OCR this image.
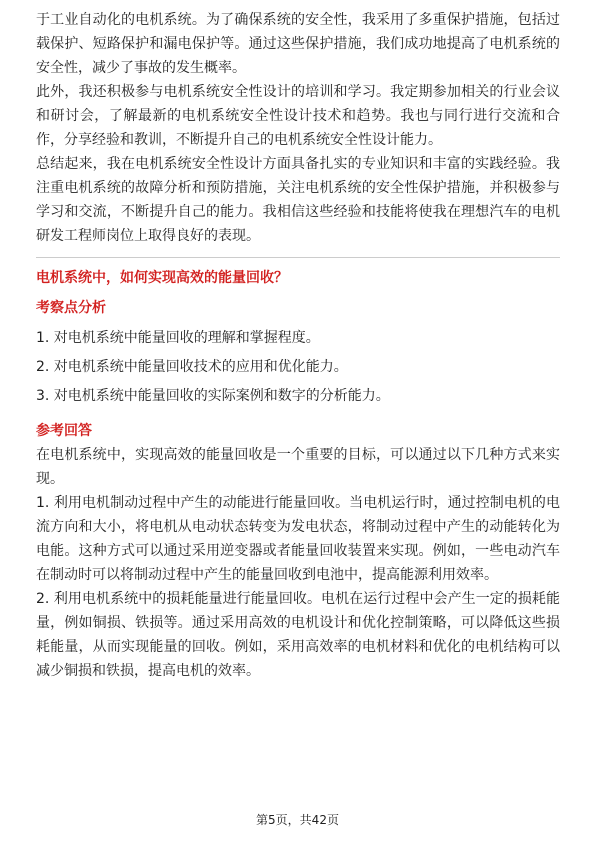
于工业自动化的电机系统。为了确保系统的安全性，我采用了多重保护措施，包括过载保护、短路保护和漏电保护等。通过这些保护措施，我们成功地提高了电机系统的安全性，减少了事故的发生概率。

此外，我还积极参与电机系统安全性设计的培训和学习。我定期参加相关的行业会议和研讨会，了解最新的电机系统安全性设计技术和趋势。我也与同行进行交流和合作，分享经验和教训，不断提升自己的电机系统安全性设计能力。

总结起来，我在电机系统安全性设计方面具备扎实的专业知识和丰富的实践经验。我注重电机系统的故障分析和预防措施，关注电机系统的安全性保护措施，并积极参与学习和交流，不断提升自己的能力。我相信这些经验和技能将使我在理想汽车的电机研发工程师岗位上取得良好的表现。

电机系统中，如何实现高效的能量回收？

考察点分析

1. 对电机系统中能量回收的理解和掌握程度。

2. 对电机系统中能量回收技术的应用和优化能力。

3. 对电机系统中能量回收的实际案例和数字的分析能力。

参考回答

在电机系统中，实现高效的能量回收是一个重要的目标，可以通过以下几种方式来实现。

1. 利用电机制动过程中产生的动能进行能量回收。当电机运行时，通过控制电机的电流方向和大小，将电机从电动状态转变为发电状态，将制动过程中产生的动能转化为电能。这种方式可以通过采用逆变器或者能量回收装置来实现。例如，一些电动汽车在制动时可以将制动过程中产生的能量回收到电池中，提高能源利用效率。

2. 利用电机系统中的损耗能量进行能量回收。电机在运行过程中会产生一定的损耗能量，例如铜损、铁损等。通过采用高效的电机设计和优化控制策略，可以降低这些损耗能量，从而实现能量的回收。例如，采用高效率的电机材料和优化的电机结构可以减少铜损和铁损，提高电机的效率。

第5页，共42页
